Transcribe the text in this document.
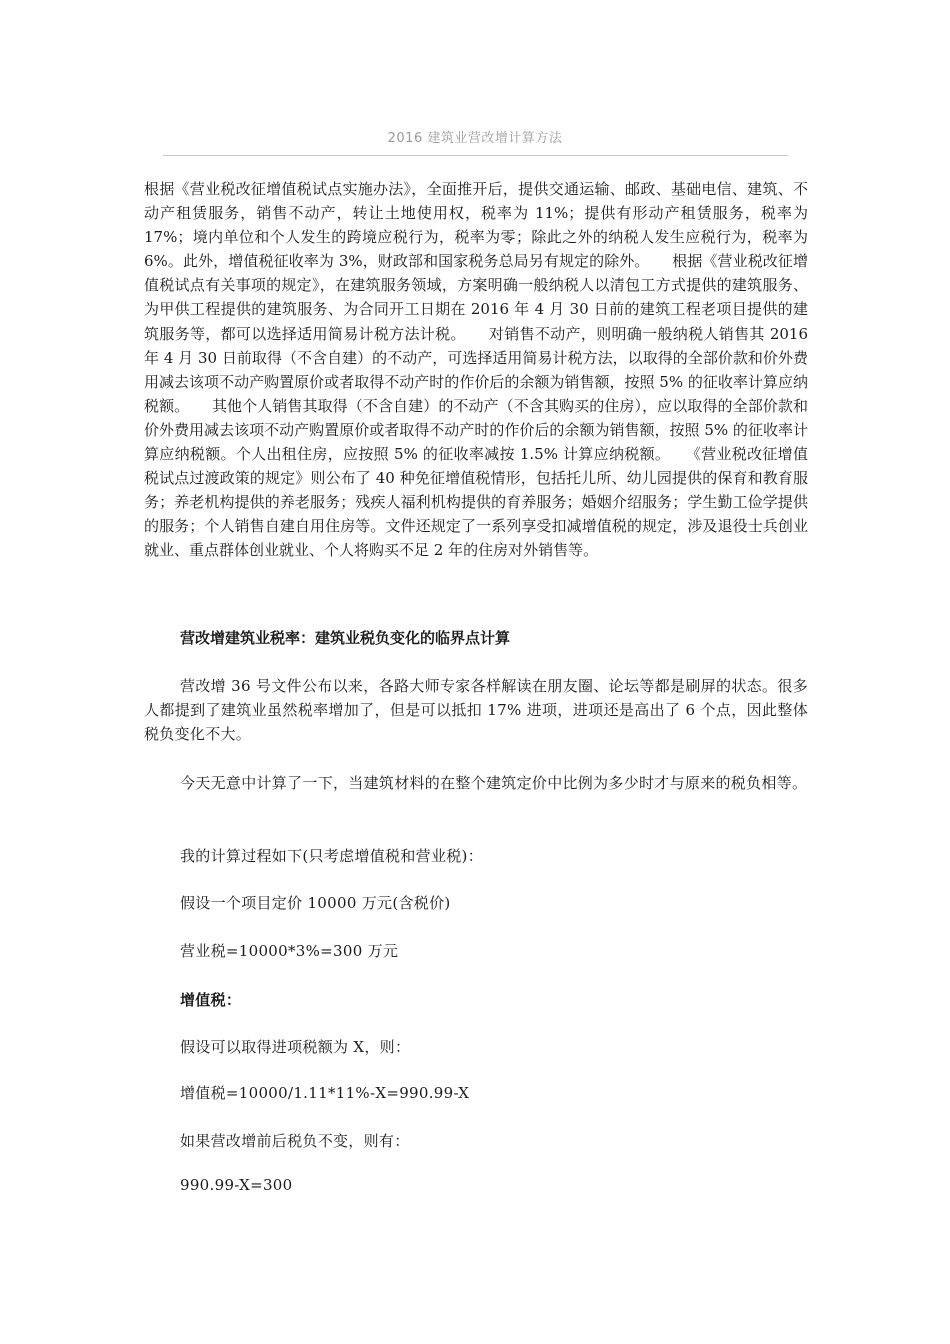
2016 建筑业营改增计算方法
根据《营业税改征增值税试点实施办法》，全面推开后，提供交通运输、邮政、基础电信、建筑、不动产租赁服务，销售不动产，转让土地使用权，税率为 11%；提供有形动产租赁服务，税率为 17%；境内单位和个人发生的跨境应税行为，税率为零；除此之外的纳税人发生应税行为，税率为 6%。此外，增值税征收率为 3%，财政部和国家税务总局另有规定的除外。　　根据《营业税改征增值税试点有关事项的规定》，在建筑服务领域，方案明确一般纳税人以清包工方式提供的建筑服务、为甲供工程提供的建筑服务、为合同开工日期在 2016 年 4 月 30 日前的建筑工程老项目提供的建筑服务等，都可以选择适用简易计税方法计税。　　对销售不动产，则明确一般纳税人销售其 2016 年 4 月 30 日前取得（不含自建）的不动产，可选择适用简易计税方法，以取得的全部价款和价外费用减去该项不动产购置原价或者取得不动产时的作价后的余额为销售额，按照 5% 的征收率计算应纳税额。　　其他个人销售其取得（不含自建）的不动产（不含其购买的住房），应以取得的全部价款和价外费用减去该项不动产购置原价或者取得不动产时的作价后的余额为销售额，按照 5% 的征收率计算应纳税额。个人出租住房，应按照 5% 的征收率减按 1.5% 计算应纳税额。　　《营业税改征增值税试点过渡政策的规定》则公布了 40 种免征增值税情形，包括托儿所、幼儿园提供的保育和教育服务；养老机构提供的养老服务；残疾人福利机构提供的育养服务；婚姻介绍服务；学生勤工俭学提供的服务；个人销售自建自用住房等。文件还规定了一系列享受扣减增值税的规定，涉及退役士兵创业就业、重点群体创业就业、个人将购买不足 2 年的住房对外销售等。
营改增建筑业税率：建筑业税负变化的临界点计算
营改增 36 号文件公布以来，各路大师专家各样解读在朋友圈、论坛等都是刷屏的状态。很多人都提到了建筑业虽然税率增加了，但是可以抵扣 17% 进项，进项还是高出了 6 个点，因此整体税负变化不大。
今天无意中计算了一下，当建筑材料的在整个建筑定价中比例为多少时才与原来的税负相等。
我的计算过程如下(只考虑增值税和营业税)：
假设一个项目定价 10000 万元(含税价)
营业税=10000*3%=300 万元
增值税：
假设可以取得进项税额为 X，则：
增值税=10000/1.11*11%-X=990.99-X
如果营改增前后税负不变，则有：
990.99-X=300
